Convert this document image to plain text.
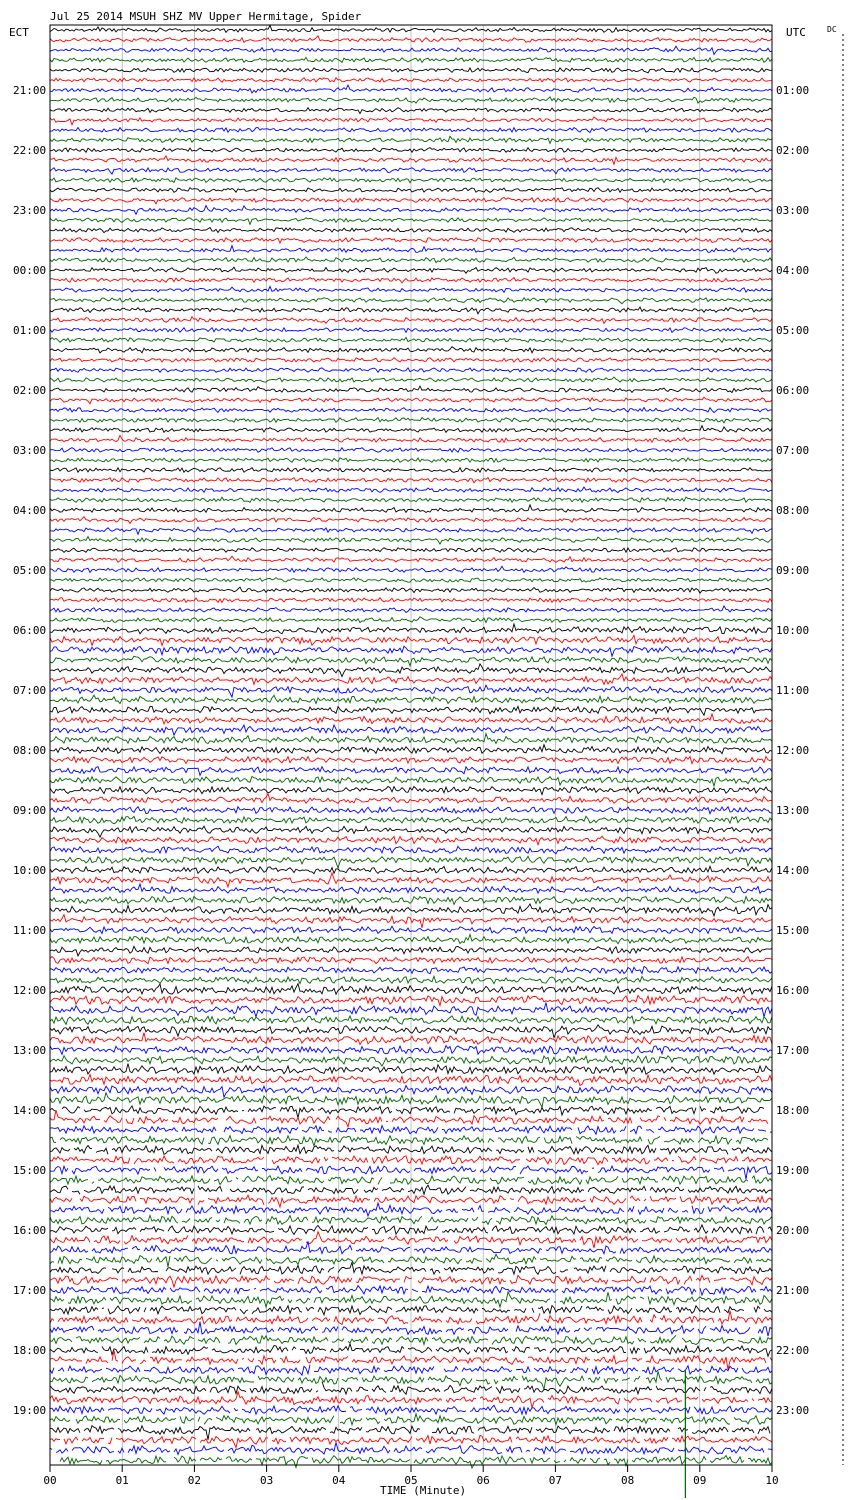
Jul 25 2014 MSUH SHZ MV Upper Hermitage, Spider
ECT	UTC	DC
21:00	01:00
22:00	02:00
23:00	03:00
00:00	04:00
01:00	05:00
02:00	06:00
03:00	07:00
04:00	08:00
05:00	09:00
06:00	10:00
07:00	11:00
08:00	12:00
09:00	13:00
10:00	14:00
11:00	15:00
12:00	16:00
13:00	17:00
14:00	18:00
15:00	19:00
16:00	20:00
17:00	21:00
18:00	22:00
19:00	23:00
00	01	02	03	04	05	06	07	08	09	10
TIME (Minute)
